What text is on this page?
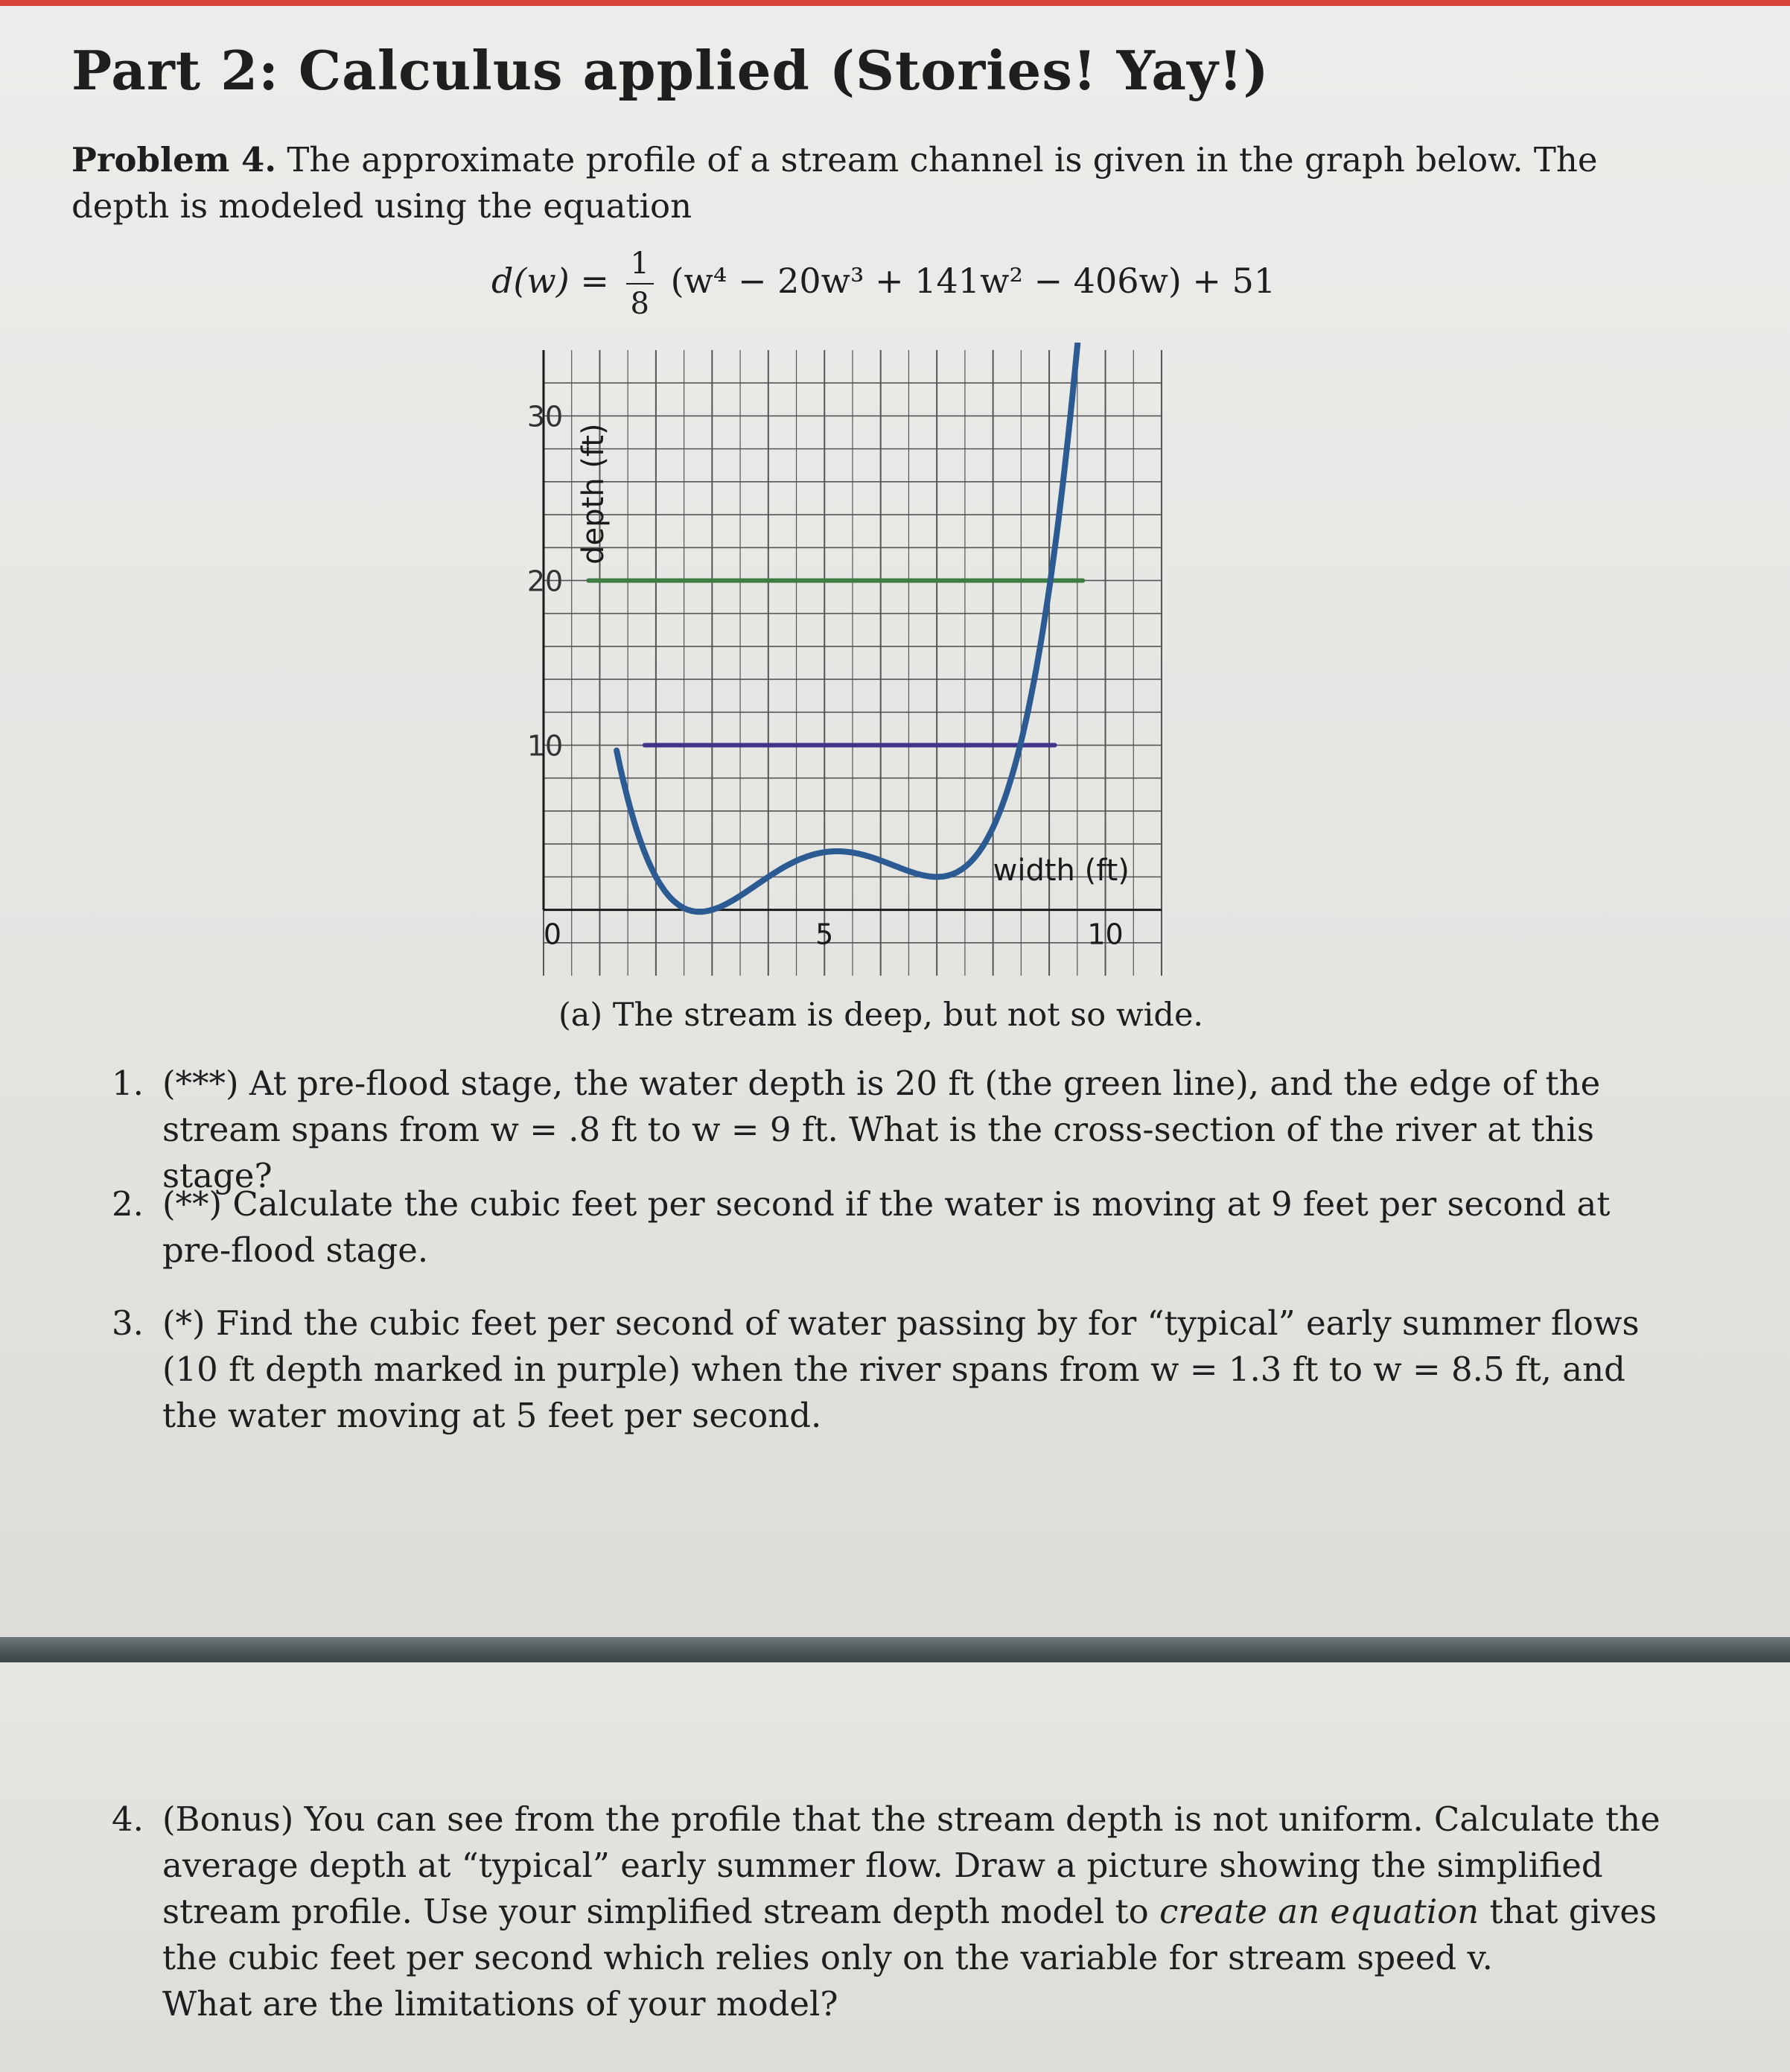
Part 2: Calculus applied (Stories! Yay!)

Problem 4. The approximate profile of a stream channel is given in the graph below. The depth is modeled using the equation

$d(w) = \frac{1}{8} (w^4 - 20w^3 + 141w^2 - 406w) + 51$
0	5	10
30
20
10
depth (ft)
width (ft)
(a) The stream is deep, but not so wide.
1. (***) At pre-flood stage, the water depth is 20 ft (the green line), and the edge of the stream spans from w = .8 ft to w = 9 ft. What is the cross-section of the river at this stage?
2. (**) Calculate the cubic feet per second if the water is moving at 9 feet per second at pre-flood stage.
3. (*) Find the cubic feet per second of water passing by for “typical” early summer flows (10 ft depth marked in purple) when the river spans from w = 1.3 ft to w = 8.5 ft, and the water moving at 5 feet per second.
4. (Bonus) You can see from the profile that the stream depth is not uniform. Calculate the average depth at “typical” early summer flow. Draw a picture showing the simplified stream profile. Use your simplified stream depth model to create an equation that gives the cubic feet per second which relies only on the variable for stream speed v.
What are the limitations of your model?
